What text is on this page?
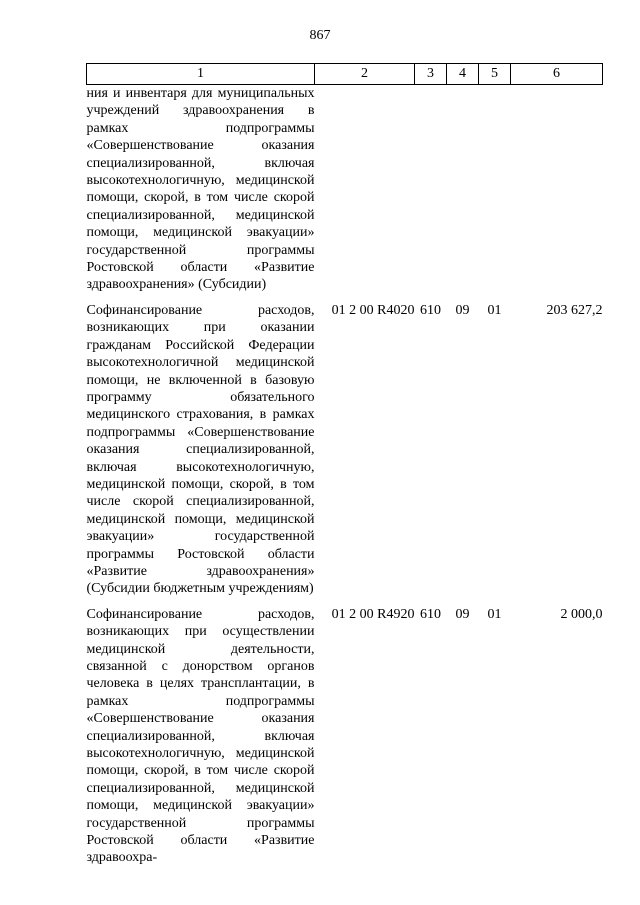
867
1	2	3	4	5	6
ния и инвентаря для муниципальных учреждений здравоохранения в рамках подпрограммы «Совершенствование оказания специализированной, включая высокотехнологичную, медицинской помощи, скорой, в том числе скорой специализированной, медицинской помощи, медицинской эвакуации» государственной программы Ростовской области «Развитие здравоохранения» (Субсидии)					

Софинансирование расходов, возникающих при оказании гражданам Российской Федерации высокотехнологичной медицинской помощи, не включенной в базовую программу обязательного медицинского страхования, в рамках подпрограммы «Совершенствование оказания специализированной, включая высокотехнологичную, медицинской помощи, скорой, в том числе скорой специализированной, медицинской помощи, медицинской эвакуации» государственной программы Ростовской области «Развитие здравоохранения» (Субсидии бюджетным учреждениям)	01 2 00 R4020	610	09	01	203 627,2

Софинансирование расходов, возникающих при осуществлении медицинской деятельности, связанной с донорством органов человека в целях трансплантации, в рамках подпрограммы «Совершенствование оказания специализированной, включая высокотехнологичную, медицинской помощи, скорой, в том числе скорой специализированной, медицинской помощи, медицинской эвакуации» государственной программы Ростовской области «Развитие здравоохра-	01 2 00 R4920	610	09	01	2 000,0
